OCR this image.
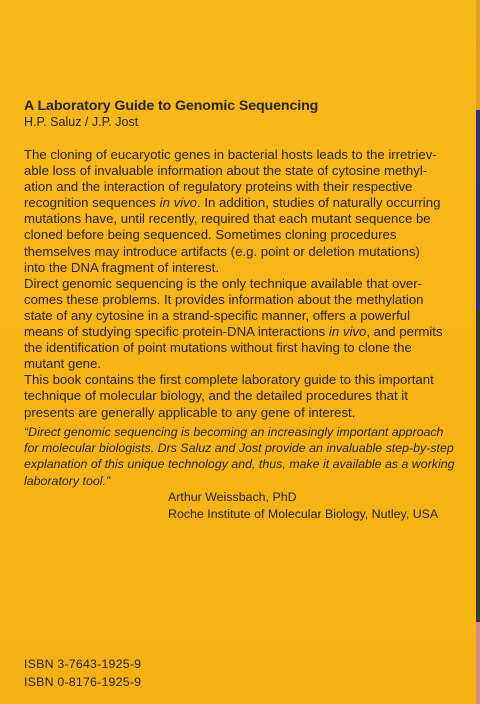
A Laboratory Guide to Genomic Sequencing
H.P. Saluz / J.P. Jost

The cloning of eucaryotic genes in bacterial hosts leads to the irretriev-
able loss of invaluable information about the state of cytosine methyl-
ation and the interaction of regulatory proteins with their respective
recognition sequences in vivo. In addition, studies of naturally occurring
mutations have, until recently, required that each mutant sequence be
cloned before being sequenced. Sometimes cloning procedures
themselves may introduce artifacts (e.g. point or deletion mutations)
into the DNA fragment of interest.

Direct genomic sequencing is the only technique available that over-
comes these problems. It provides information about the methylation
state of any cytosine in a strand-specific manner, offers a powerful
means of studying specific protein-DNA interactions in vivo, and permits
the identification of point mutations without first having to clone the
mutant gene.

This book contains the first complete laboratory guide to this important
technique of molecular biology, and the detailed procedures that it
presents are generally applicable to any gene of interest.

“Direct genomic sequencing is becoming an increasingly important approach
for molecular biologists. Drs Saluz and Jost provide an invaluable step-by-step
explanation of this unique technology and, thus, make it available as a working
laboratory tool.”
Arthur Weissbach, PhD
Roche Institute of Molecular Biology, Nutley, USA
ISBN 3-7643-1925-9
ISBN 0-8176-1925-9
